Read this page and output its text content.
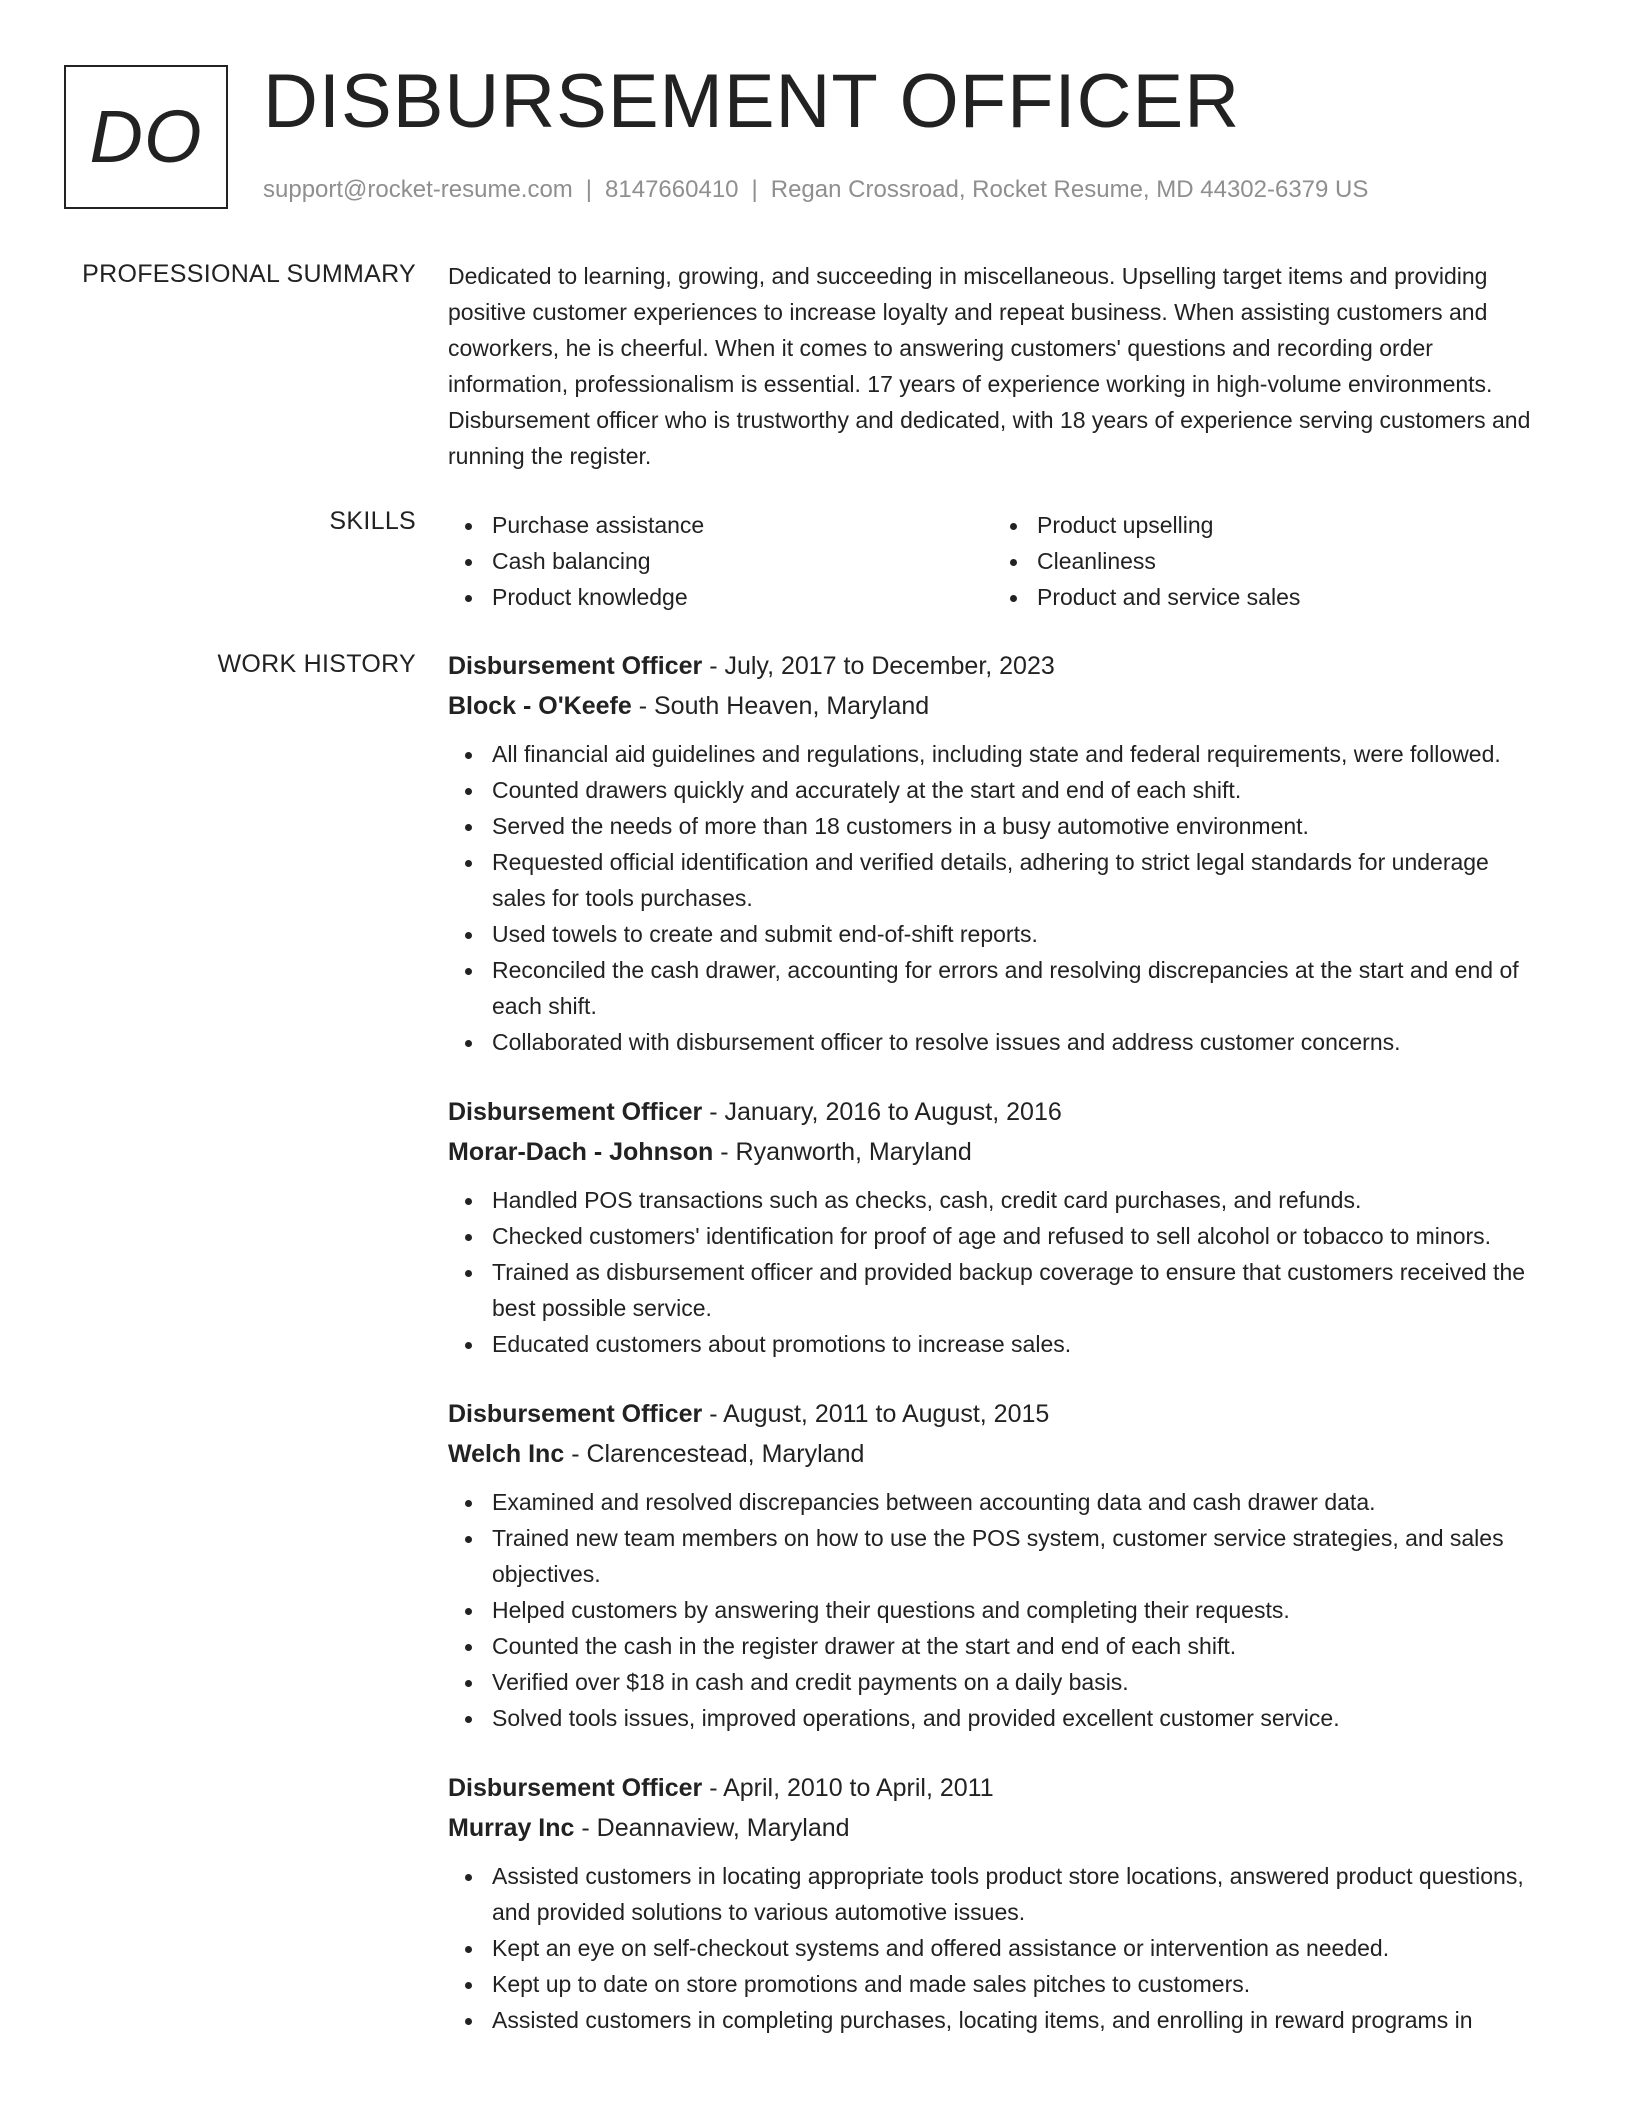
DO DISBURSEMENT OFFICER
support@rocket-resume.com | 8147660410 | Regan Crossroad, Rocket Resume, MD 44302-6379 US
PROFESSIONAL SUMMARY Dedicated to learning, growing, and succeeding in miscellaneous. Upselling target items and providing positive customer experiences to increase loyalty and repeat business. When assisting customers and coworkers, he is cheerful. When it comes to answering customers' questions and recording order information, professionalism is essential. 17 years of experience working in high-volume environments. Disbursement officer who is trustworthy and dedicated, with 18 years of experience serving customers and running the register.
SKILLS	Purchase assistance
Cash balancing
Product knowledge
Product upselling
Cleanliness
Product and service sales
WORK HISTORY Disbursement Officer - July, 2017 to December, 2023
Block - O'Keefe - South Heaven, Maryland
All financial aid guidelines and regulations, including state and federal requirements, were followed.
Counted drawers quickly and accurately at the start and end of each shift.
Served the needs of more than 18 customers in a busy automotive environment.
Requested official identification and verified details, adhering to strict legal standards for underage sales for tools purchases.
Used towels to create and submit end-of-shift reports.
Reconciled the cash drawer, accounting for errors and resolving discrepancies at the start and end of each shift.
Collaborated with disbursement officer to resolve issues and address customer concerns.
Disbursement Officer - January, 2016 to August, 2016
Morar-Dach - Johnson - Ryanworth, Maryland
Handled POS transactions such as checks, cash, credit card purchases, and refunds.
Checked customers' identification for proof of age and refused to sell alcohol or tobacco to minors.
Trained as disbursement officer and provided backup coverage to ensure that customers received the best possible service.
Educated customers about promotions to increase sales.
Disbursement Officer - August, 2011 to August, 2015
Welch Inc - Clarencestead, Maryland
Examined and resolved discrepancies between accounting data and cash drawer data.
Trained new team members on how to use the POS system, customer service strategies, and sales objectives.
Helped customers by answering their questions and completing their requests.
Counted the cash in the register drawer at the start and end of each shift.
Verified over $18 in cash and credit payments on a daily basis.
Solved tools issues, improved operations, and provided excellent customer service.
Disbursement Officer - April, 2010 to April, 2011
Murray Inc - Deannaview, Maryland
Assisted customers in locating appropriate tools product store locations, answered product questions, and provided solutions to various automotive issues.
Kept an eye on self-checkout systems and offered assistance or intervention as needed.
Kept up to date on store promotions and made sales pitches to customers.
Assisted customers in completing purchases, locating items, and enrolling in reward programs in
